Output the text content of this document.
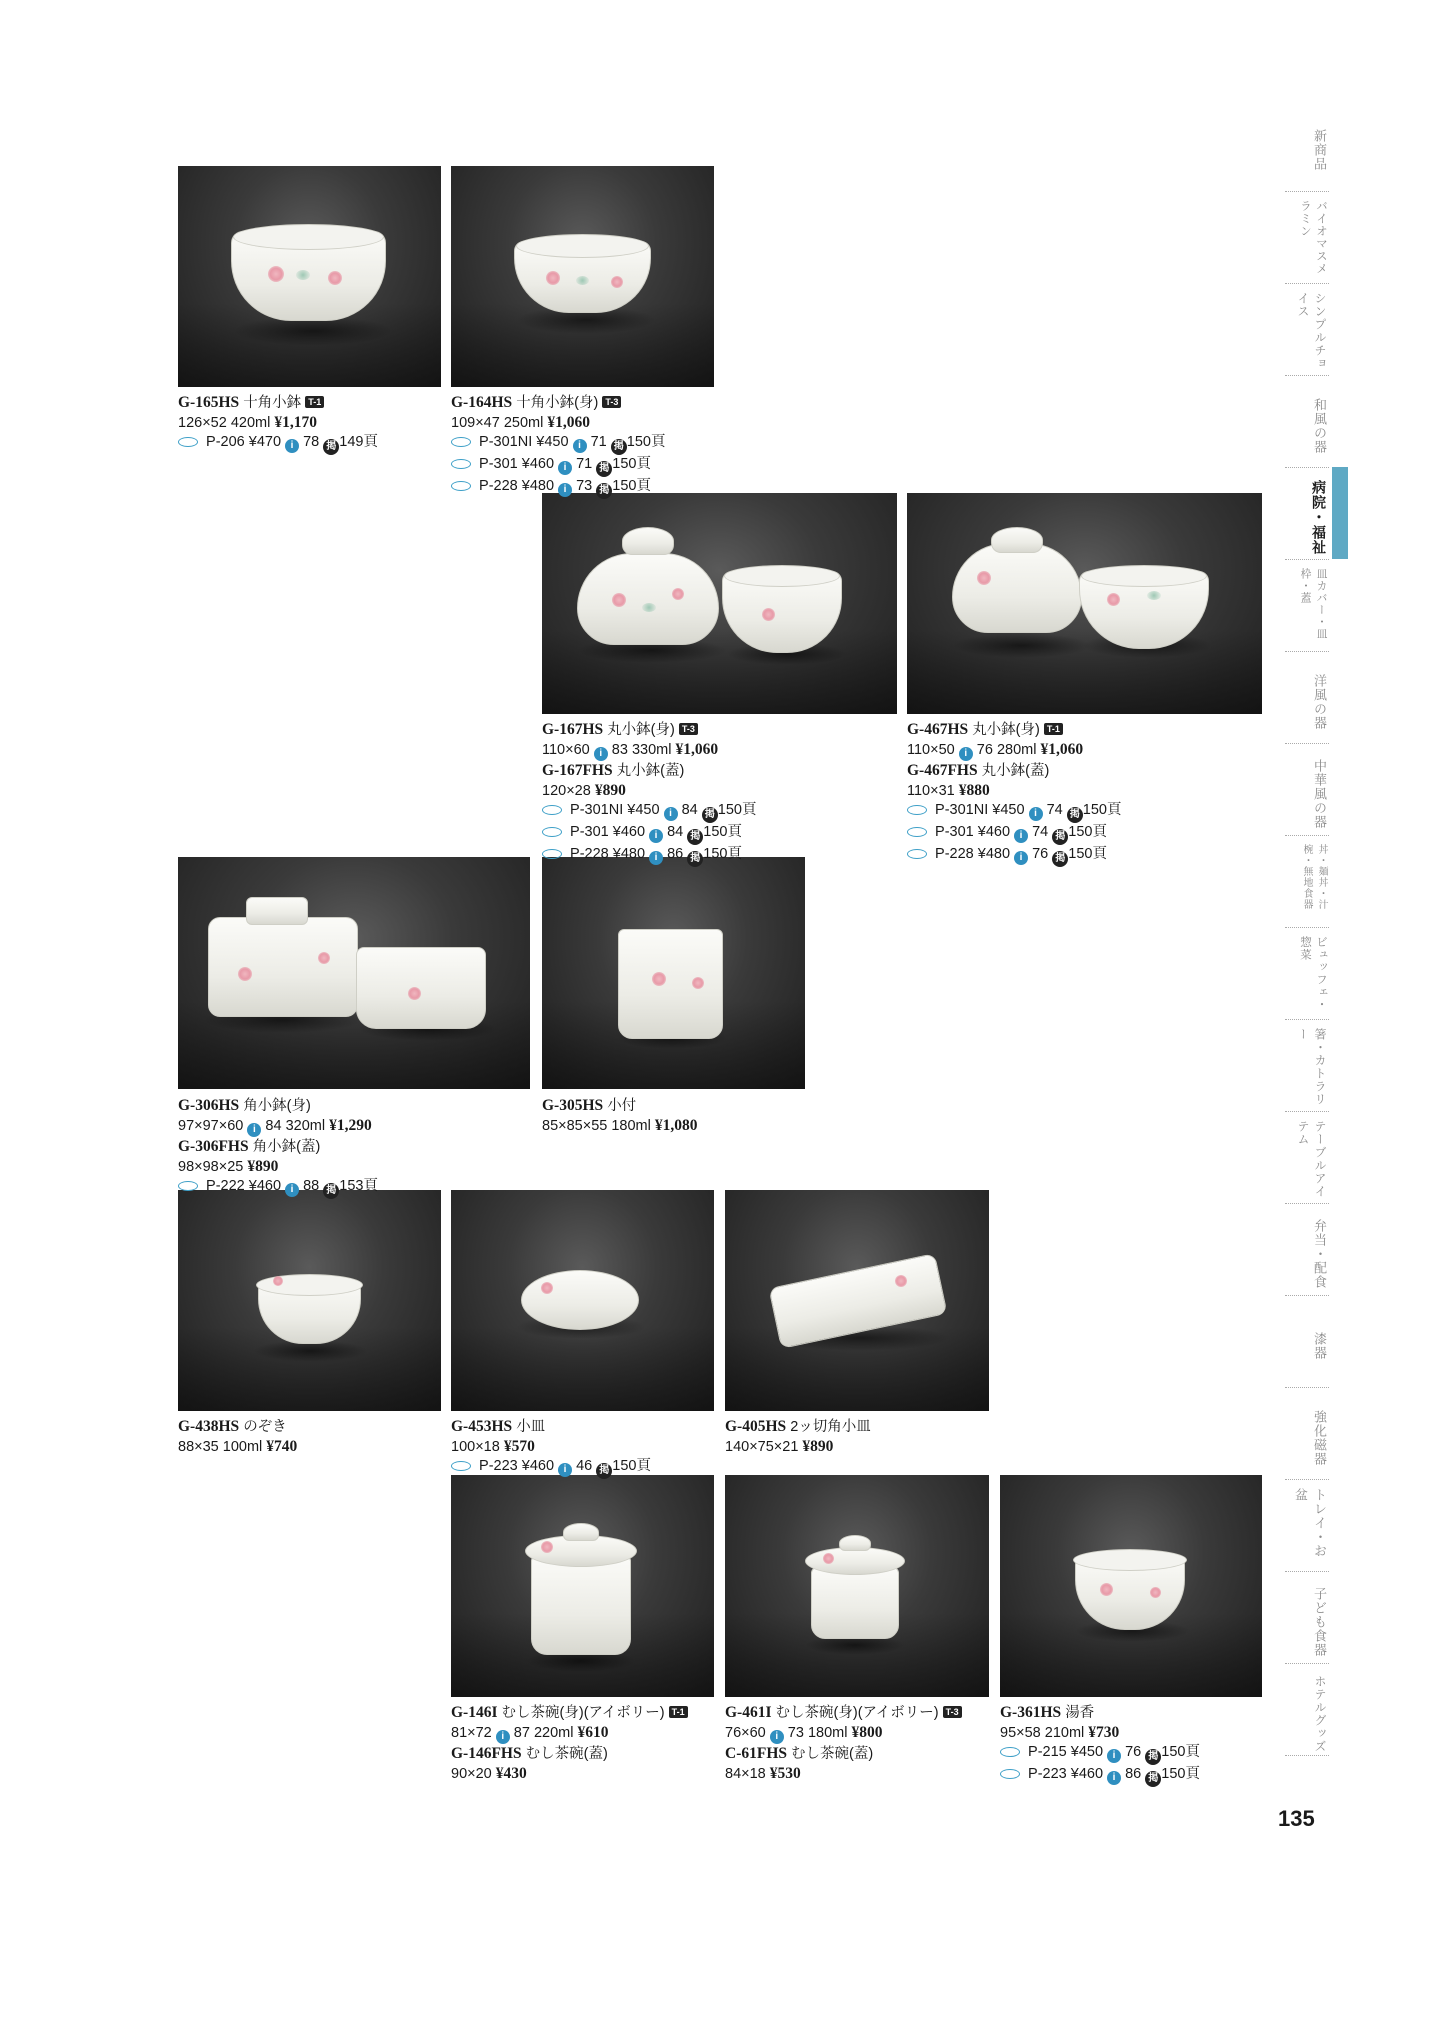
G-165HS 十角小鉢 T-1
126×52 420ml ¥1,170
P-206 ¥470 i 78 掲 149頁
G-164HS 十角小鉢(身) T-3
109×47 250ml ¥1,060
P-301NI ¥450 i 71 掲 150頁
P-301 ¥460 i 71 掲 150頁
P-228 ¥480 i 73 掲 150頁
G-167HS 丸小鉢(身) T-3
110×60 i 83 330ml ¥1,060
G-167FHS 丸小鉢(蓋)
120×28 ¥890
P-301NI ¥450 i 84 掲 150頁
P-301 ¥460 i 84 掲 150頁
P-228 ¥480 i 86 掲 150頁
G-467HS 丸小鉢(身) T-1
110×50 i 76 280ml ¥1,060
G-467FHS 丸小鉢(蓋)
110×31 ¥880
P-301NI ¥450 i 74 掲 150頁
P-301 ¥460 i 74 掲 150頁
P-228 ¥480 i 76 掲 150頁
G-306HS 角小鉢(身)
97×97×60 i 84 320ml ¥1,290
G-306FHS 角小鉢(蓋)
98×98×25 ¥890
P-222 ¥460 i 88 掲 153頁
G-305HS 小付
85×85×55 180ml ¥1,080
G-438HS のぞき
88×35 100ml ¥740
G-453HS 小皿
100×18 ¥570
P-223 ¥460 i 46 掲 150頁
G-405HS 2ッ切角小皿
140×75×21 ¥890
G-146I むし茶碗(身)(アイボリー) T-1
81×72 i 87 220ml ¥610
G-146FHS むし茶碗(蓋)
90×20 ¥430
G-461I むし茶碗(身)(アイボリー) T-3
76×60 i 73 180ml ¥800
C-61FHS むし茶碗(蓋)
84×18 ¥530
G-361HS 湯香
95×58 210ml ¥730
P-215 ¥450 i 76 掲 150頁
P-223 ¥460 i 86 掲 150頁
新商品
バイオマスメラミン
シンプルチョイス
和風の器
病院・福祉
皿カバー・皿枠・蓋
洋風の器
中華風の器
丼・麺丼・汁椀・無地食器
ビュッフェ・惣菜
箸・カトラリー
テーブルアイテム
弁当・配食
漆器
強化磁器
トレイ・お盆
子ども食器
ホテルグッズ
135
